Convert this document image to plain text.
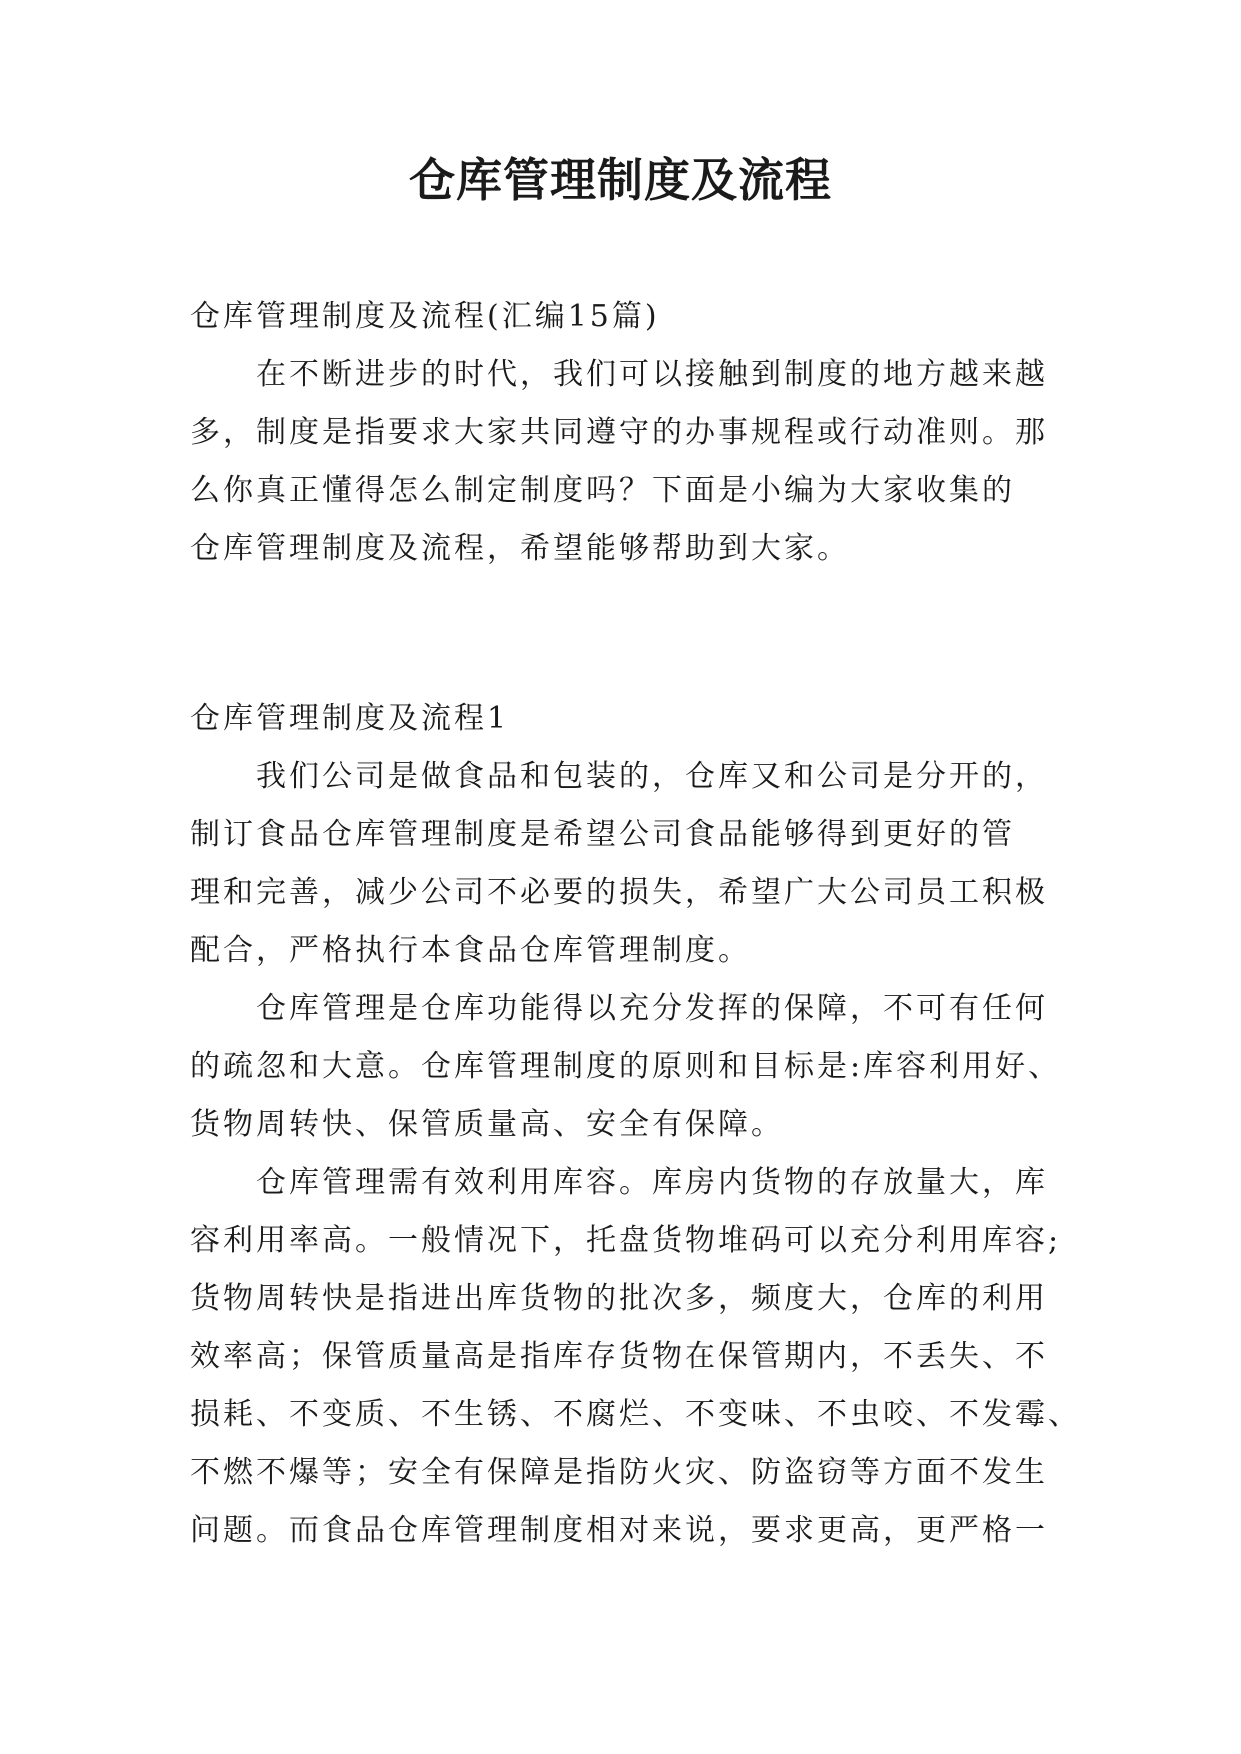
仓库管理制度及流程
仓库管理制度及流程(汇编15篇)
在不断进步的时代，我们可以接触到制度的地方越来越
多，制度是指要求大家共同遵守的办事规程或行动准则。那
么你真正懂得怎么制定制度吗？下面是小编为大家收集的
仓库管理制度及流程，希望能够帮助到大家。
仓库管理制度及流程1
我们公司是做食品和包装的，仓库又和公司是分开的，
制订食品仓库管理制度是希望公司食品能够得到更好的管
理和完善，减少公司不必要的损失，希望广大公司员工积极
配合，严格执行本食品仓库管理制度。
仓库管理是仓库功能得以充分发挥的保障，不可有任何
的疏忽和大意。仓库管理制度的原则和目标是:库容利用好、
货物周转快、保管质量高、安全有保障。
仓库管理需有效利用库容。库房内货物的存放量大，库
容利用率高。一般情况下，托盘货物堆码可以充分利用库容;
货物周转快是指进出库货物的批次多，频度大，仓库的利用
效率高；保管质量高是指库存货物在保管期内，不丢失、不
损耗、不变质、不生锈、不腐烂、不变味、不虫咬、不发霉、
不燃不爆等；安全有保障是指防火灾、防盗窃等方面不发生
问题。而食品仓库管理制度相对来说，要求更高，更严格一
